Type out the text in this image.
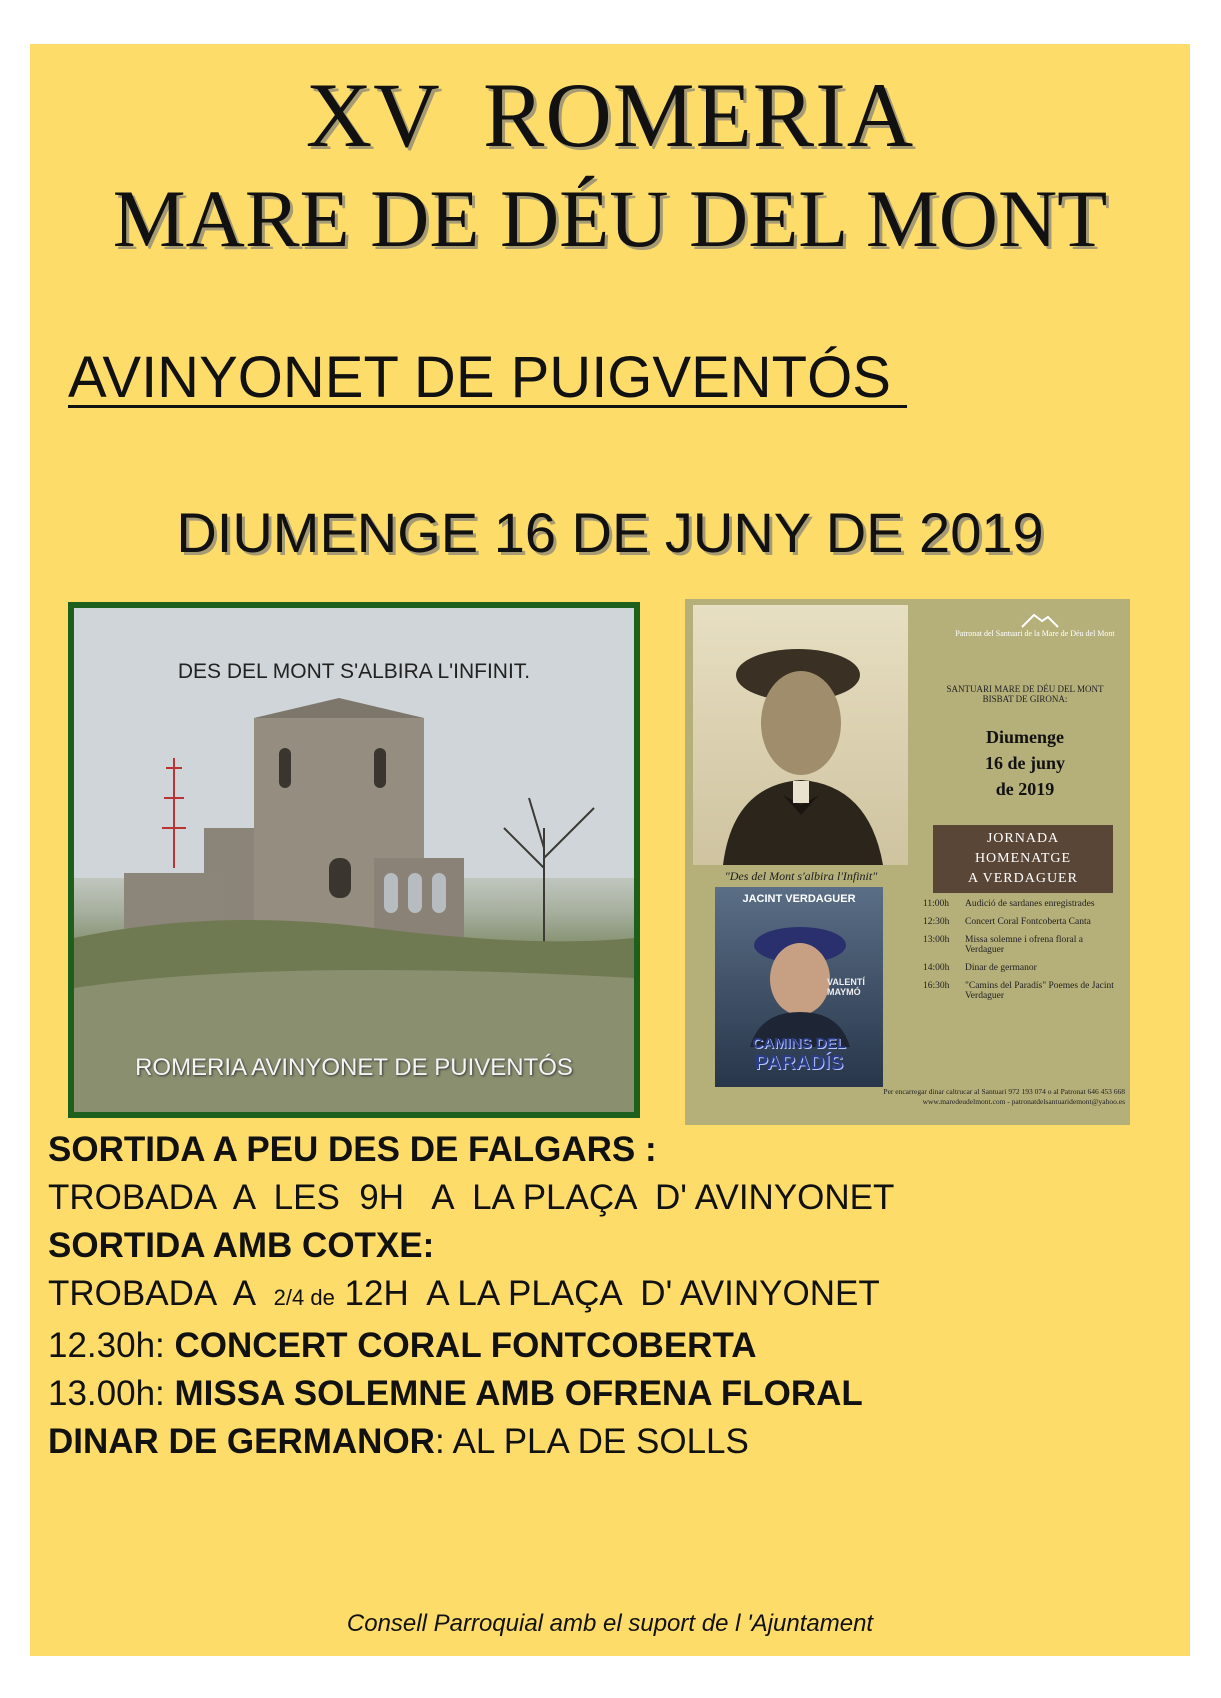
XV ROMERIA
MARE DE DÉU DEL MONT
AVINYONET DE PUIGVENTÓS
DIUMENGE 16 DE JUNY DE 2019
DES DEL MONT S'ALBIRA L'INFINIT.
ROMERIA AVINYONET DE PUIVENTÓS
"Des del Mont s'albira l'Infinit"
JACINT VERDAGUER
VALENTÍ MAYMÓ
CAMINS DEL
PARADÍS
Patronat del Santuari de la Mare de Déu del Mont
SANTUARI MARE DE DÉU DEL MONT
BISBAT DE GIRONA:
Diumenge
16 de juny
de 2019
JORNADA
HOMENATGE
A VERDAGUER
11:00h	Audició de sardanes enregistrades
12:30h	Concert Coral Fontcoberta Canta
13:00h	Missa solemne i ofrena floral a Verdaguer
14:00h	Dinar de germanor
16:30h	"Camins del Paradís" Poemes de Jacint Verdaguer
Per encarregar dinar caltrucar al Santuari 972 193 074 o al Patronat 646 453 668
www.maredeudelmont.com - patronatdelsantuaridemont@yahoo.es
SORTIDA A PEU DES DE FALGARS :
TROBADA  A  LES  9H   A  LA PLAÇA  D' AVINYONET
SORTIDA AMB COTXE:
TROBADA  A  2/4 de 12H  A LA PLAÇA  D' AVINYONET
12.30h: CONCERT CORAL FONTCOBERTA
13.00h: MISSA SOLEMNE AMB OFRENA FLORAL
DINAR DE GERMANOR: AL PLA DE SOLLS
Consell Parroquial amb el suport de l 'Ajuntament
